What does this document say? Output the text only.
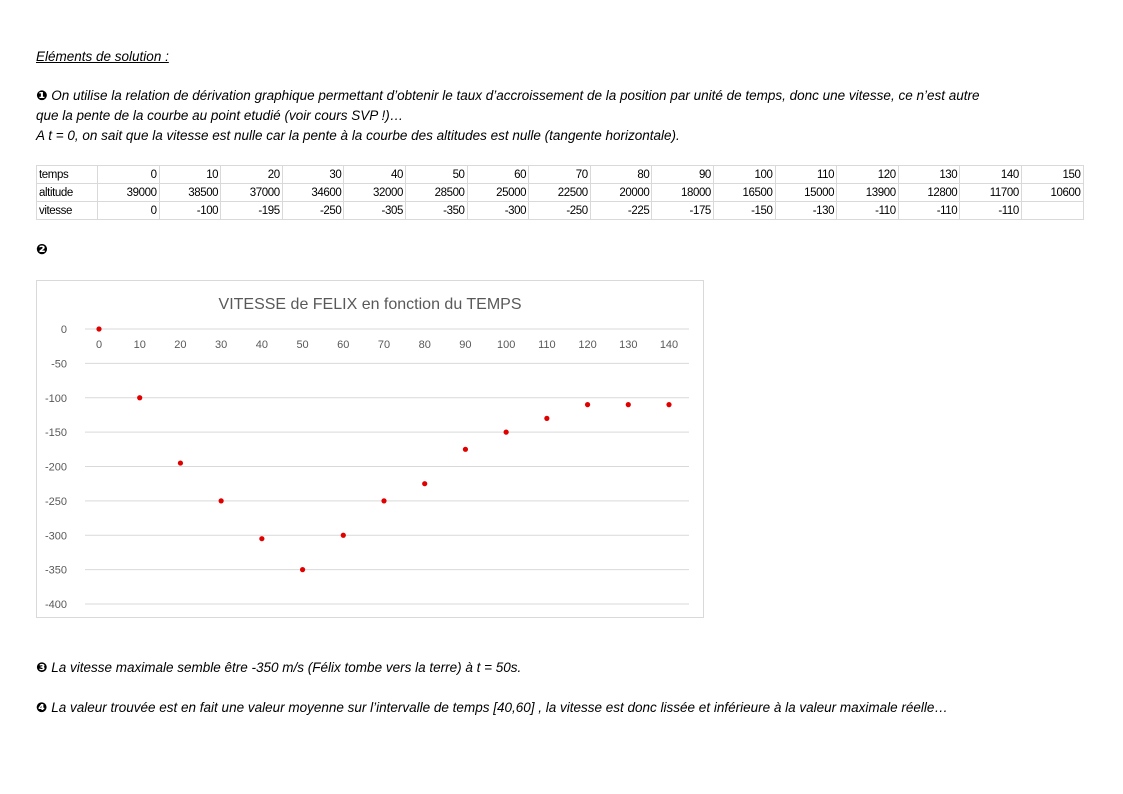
Eléments de solution :
❶ On utilise la relation de dérivation graphique permettant d’obtenir le taux d’accroissement de la position par unité de temps, donc une vitesse, ce n’est autre
que la pente de la courbe au point etudié (voir cours SVP !)…
A t = 0, on sait que la vitesse est nulle car la pente à la courbe des altitudes est nulle (tangente horizontale).
temps	0	10	20	30	40	50	60	70	80	90	100	110	120	130	140	150
altitude	39000	38500	37000	34600	32000	28500	25000	22500	20000	18000	16500	15000	13900	12800	11700	10600
vitesse	0	-100	-195	-250	-305	-350	-300	-250	-225	-175	-150	-130	-110	-110	-110	
❷
VITESSE de FELIX en fonction du TEMPS
0
-50
-100
-150
-200
-250
-300
-350
-400
0	10	20	30	40	50	60	70	80	90 100 110 120 130 140
❸ La vitesse maximale semble être -350 m/s (Félix tombe vers la terre) à t = 50s.
❹ La valeur trouvée est en fait une valeur moyenne sur l’intervalle de temps [40,60] , la vitesse est donc lissée et inférieure à la valeur maximale réelle…
